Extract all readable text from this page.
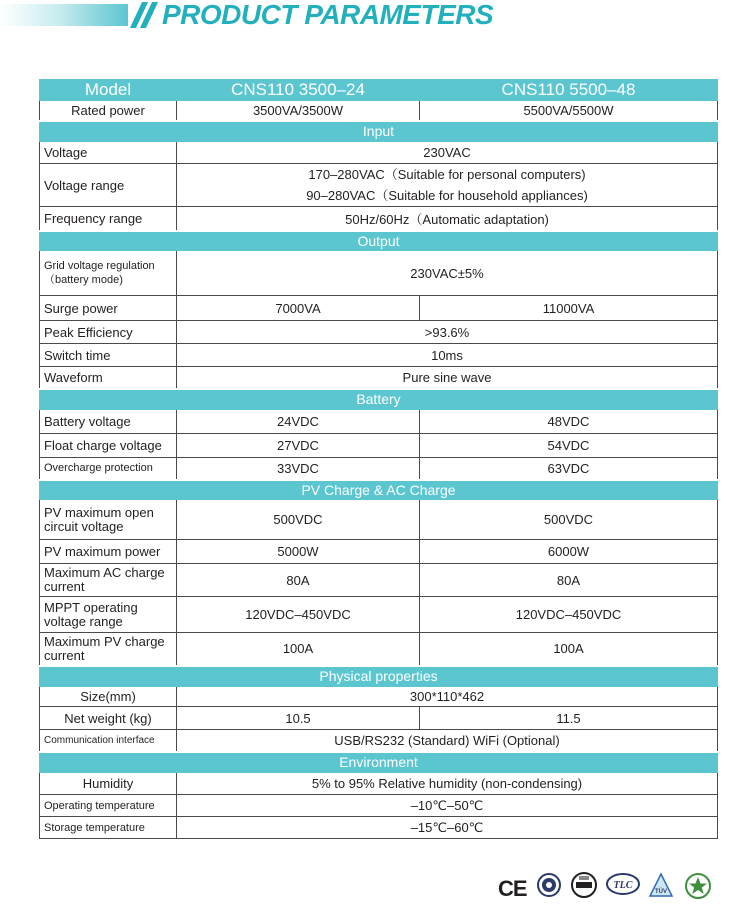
PRODUCT PARAMETERS
Model	CNS110 3500–24	CNS110 5500–48
Rated power	3500VA/3500W	5500VA/5500W
Input		
Voltage	230VAC	
Voltage range	170–280VAC（Suitable for personal computers)
90–280VAC（Suitable for household appliances)	

Frequency range	50Hz/60Hz（Automatic adaptation)	
Output		

Grid voltage regulation
（battery mode)	230VAC±5%	
Surge power	7000VA	11000VA
Peak Efficiency	>93.6%	
Switch time	10ms	
Waveform	Pure sine wave	
Battery		
Battery voltage	24VDC	48VDC
Float charge voltage	27VDC	54VDC
Overcharge protection	33VDC	63VDC
PV Charge & AC Charge		
PV maximum open circuit voltage	500VDC	500VDC
PV maximum power	5000W	6000W
Maximum AC charge current	80A	80A
MPPT operating voltage range	120VDC–450VDC	120VDC–450VDC
Maximum PV charge current	100A	100A
Physical properties		
Size(mm)	300*110*462	
Net weight (kg)	10.5	11.5
Communication interface	USB/RS232 (Standard) WiFi (Optional)	
Environment		
Humidity	5% to 95% Relative humidity (non-condensing)	
Operating temperature	–10℃–50℃	
Storage temperature	–15℃–60℃	
CE	TLC
TÜV
